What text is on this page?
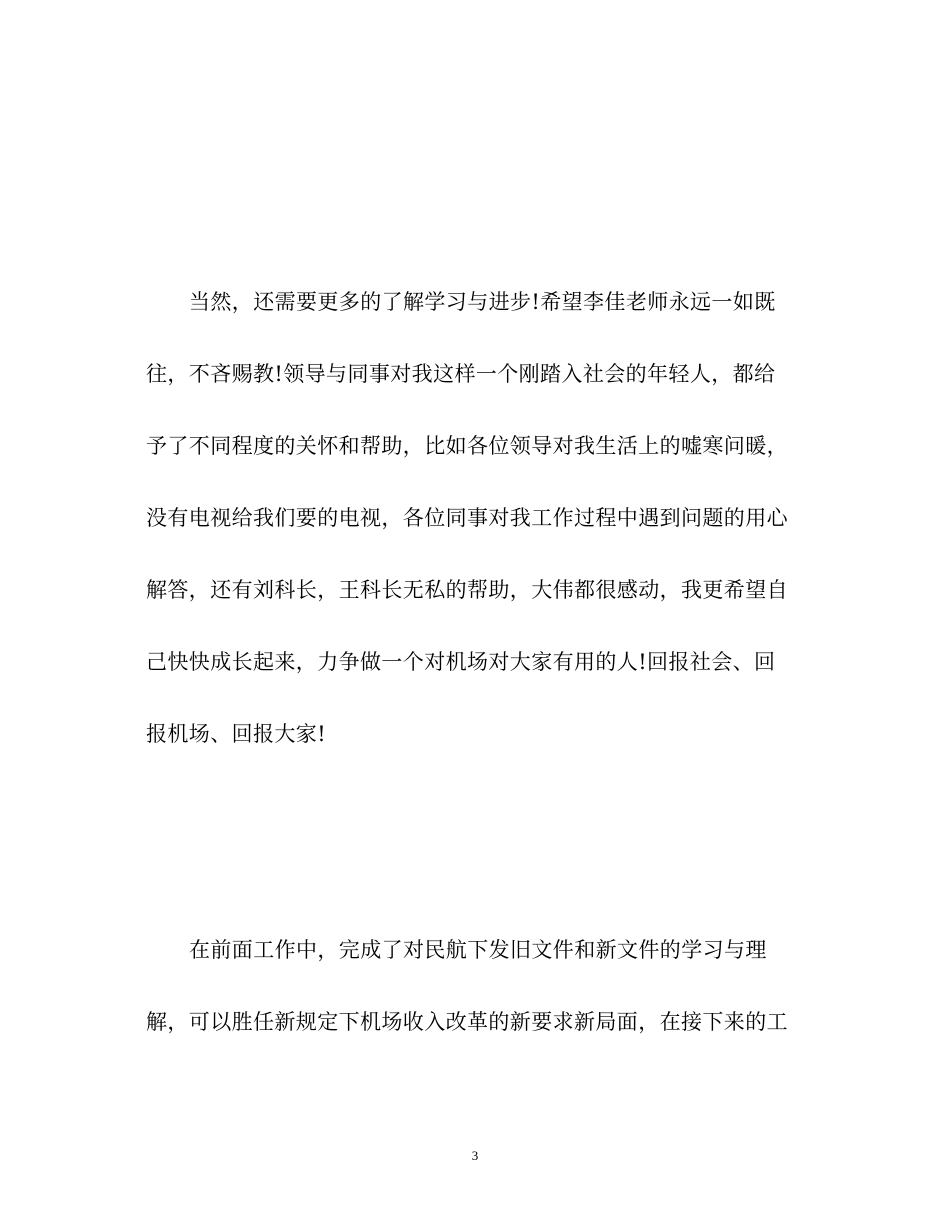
当然，还需要更多的了解学习与进步!希望李佳老师永远一如既
往，不吝赐教!领导与同事对我这样一个刚踏入社会的年轻人，都给
予了不同程度的关怀和帮助，比如各位领导对我生活上的嘘寒问暖，
没有电视给我们要的电视，各位同事对我工作过程中遇到问题的用心
解答，还有刘科长，王科长无私的帮助，大伟都很感动，我更希望自
己快快成长起来，力争做一个对机场对大家有用的人!回报社会、回
报机场、回报大家!
在前面工作中，完成了对民航下发旧文件和新文件的学习与理
解，可以胜任新规定下机场收入改革的新要求新局面，在接下来的工
3
